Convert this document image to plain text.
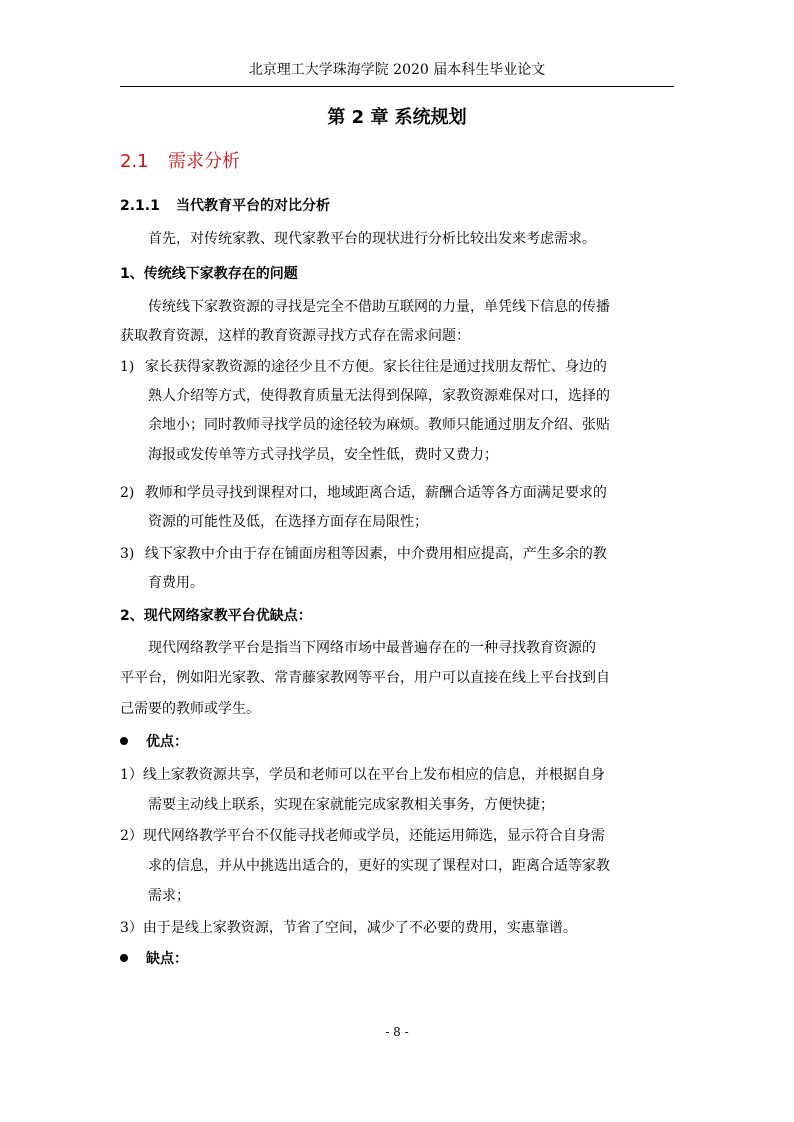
北京理工大学珠海学院 2020 届本科生毕业论文
第 2 章 系统规划
2.1 需求分析
2.1.1 当代教育平台的对比分析
首先，对传统家教、现代家教平台的现状进行分析比较出发来考虑需求。
1、传统线下家教存在的问题
传统线下家教资源的寻找是完全不借助互联网的力量，单凭线下信息的传播
获取教育资源，这样的教育资源寻找方式存在需求问题：
1) 家长获得家教资源的途径少且不方便。家长往往是通过找朋友帮忙、身边的
熟人介绍等方式，使得教育质量无法得到保障，家教资源难保对口，选择的
余地小；同时教师寻找学员的途径较为麻烦。教师只能通过朋友介绍、张贴
海报或发传单等方式寻找学员，安全性低，费时又费力；
2) 教师和学员寻找到课程对口，地域距离合适，薪酬合适等各方面满足要求的
资源的可能性及低，在选择方面存在局限性；
3) 线下家教中介由于存在铺面房租等因素，中介费用相应提高，产生多余的教
育费用。
2、现代网络家教平台优缺点：
现代网络教学平台是指当下网络市场中最普遍存在的一种寻找教育资源的
平平台，例如阳光家教、常青藤家教网等平台，用户可以直接在线上平台找到自
己需要的教师或学生。
优点：
1）线上家教资源共享，学员和老师可以在平台上发布相应的信息，并根据自身
需要主动线上联系，实现在家就能完成家教相关事务，方便快捷；
2）现代网络教学平台不仅能寻找老师或学员，还能运用筛选，显示符合自身需
求的信息，并从中挑选出适合的，更好的实现了课程对口，距离合适等家教
需求；
3）由于是线上家教资源，节省了空间，减少了不必要的费用，实惠靠谱。
缺点：
- 8 -
